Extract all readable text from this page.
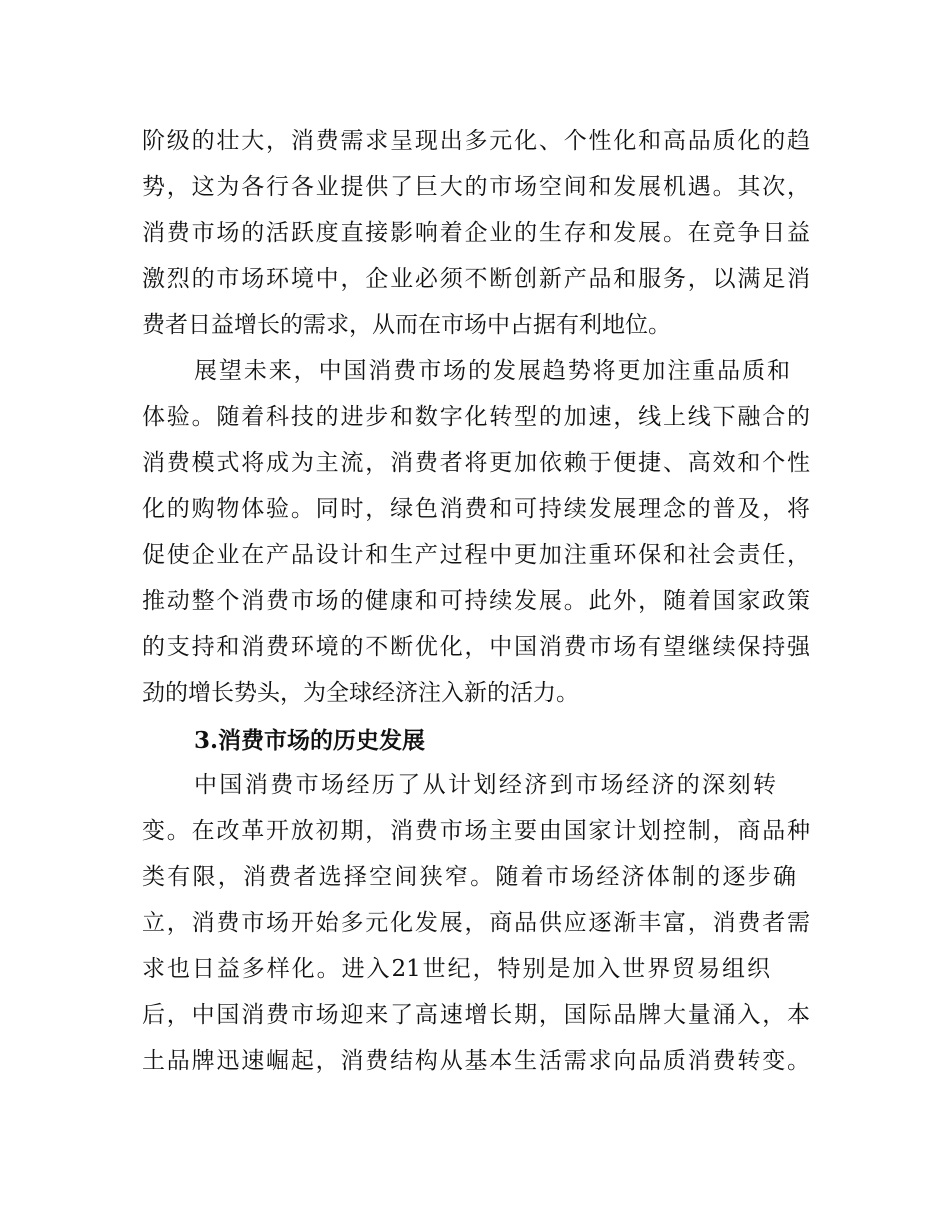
阶级的壮大，消费需求呈现出多元化、个性化和高品质化的趋
势，这为各行各业提供了巨大的市场空间和发展机遇。其次，
消费市场的活跃度直接影响着企业的生存和发展。在竞争日益
激烈的市场环境中，企业必须不断创新产品和服务，以满足消
费者日益增长的需求，从而在市场中占据有利地位。
展望未来，中国消费市场的发展趋势将更加注重品质和
体验。随着科技的进步和数字化转型的加速，线上线下融合的
消费模式将成为主流，消费者将更加依赖于便捷、高效和个性
化的购物体验。同时，绿色消费和可持续发展理念的普及，将
促使企业在产品设计和生产过程中更加注重环保和社会责任，
推动整个消费市场的健康和可持续发展。此外，随着国家政策
的支持和消费环境的不断优化，中国消费市场有望继续保持强
劲的增长势头，为全球经济注入新的活力。
3.消费市场的历史发展
中国消费市场经历了从计划经济到市场经济的深刻转
变。在改革开放初期，消费市场主要由国家计划控制，商品种
类有限，消费者选择空间狭窄。随着市场经济体制的逐步确
立，消费市场开始多元化发展，商品供应逐渐丰富，消费者需
求也日益多样化。进入21世纪，特别是加入世界贸易组织
后，中国消费市场迎来了高速增长期，国际品牌大量涌入，本
土品牌迅速崛起，消费结构从基本生活需求向品质消费转变。
